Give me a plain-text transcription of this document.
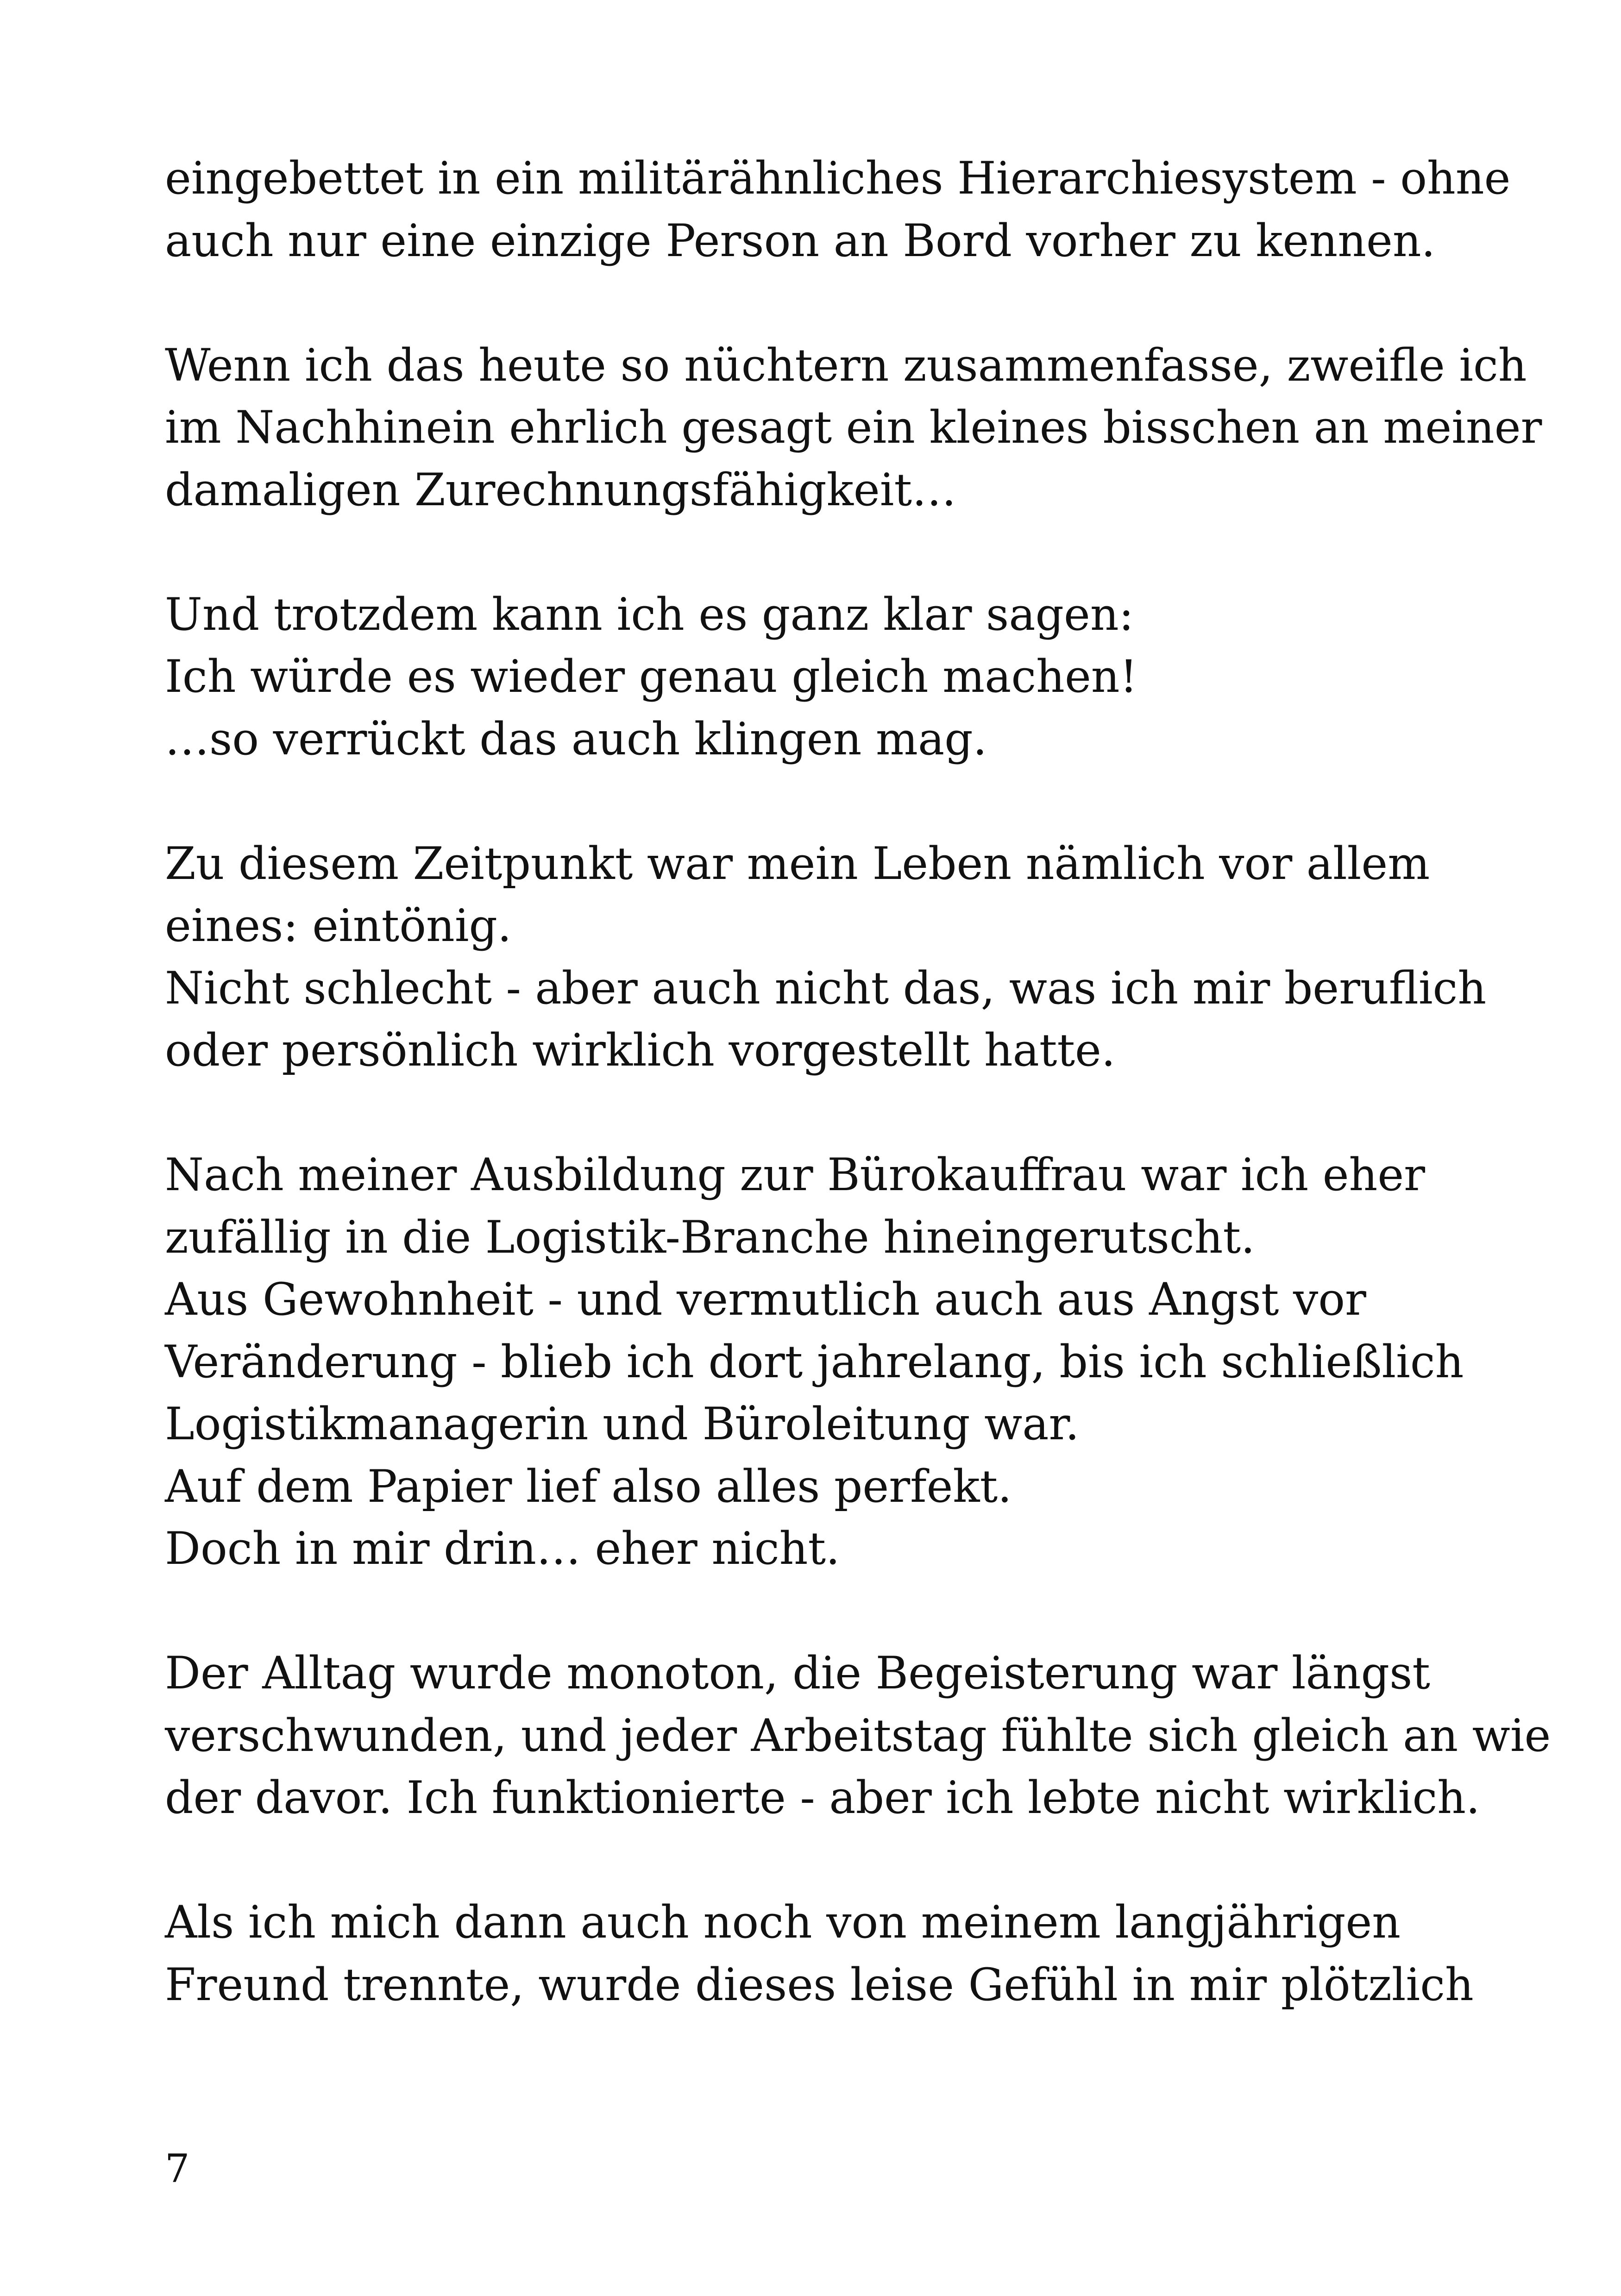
eingebettet in ein militärähnliches Hierarchiesystem - ohne
auch nur eine einzige Person an Bord vorher zu kennen.

Wenn ich das heute so nüchtern zusammenfasse, zweifle ich
im Nachhinein ehrlich gesagt ein kleines bisschen an meiner
damaligen Zurechnungsfähigkeit…

Und trotzdem kann ich es ganz klar sagen:
Ich würde es wieder genau gleich machen!
…so verrückt das auch klingen mag.

Zu diesem Zeitpunkt war mein Leben nämlich vor allem
eines: eintönig.
Nicht schlecht - aber auch nicht das, was ich mir beruflich
oder persönlich wirklich vorgestellt hatte.

Nach meiner Ausbildung zur Bürokauffrau war ich eher
zufällig in die Logistik-Branche hineingerutscht.
Aus Gewohnheit - und vermutlich auch aus Angst vor
Veränderung - blieb ich dort jahrelang, bis ich schließlich
Logistikmanagerin und Büroleitung war.
Auf dem Papier lief also alles perfekt.
Doch in mir drin… eher nicht.

Der Alltag wurde monoton, die Begeisterung war längst
verschwunden, und jeder Arbeitstag fühlte sich gleich an wie
der davor. Ich funktionierte - aber ich lebte nicht wirklich.

Als ich mich dann auch noch von meinem langjährigen
Freund trennte, wurde dieses leise Gefühl in mir plötzlich

7
